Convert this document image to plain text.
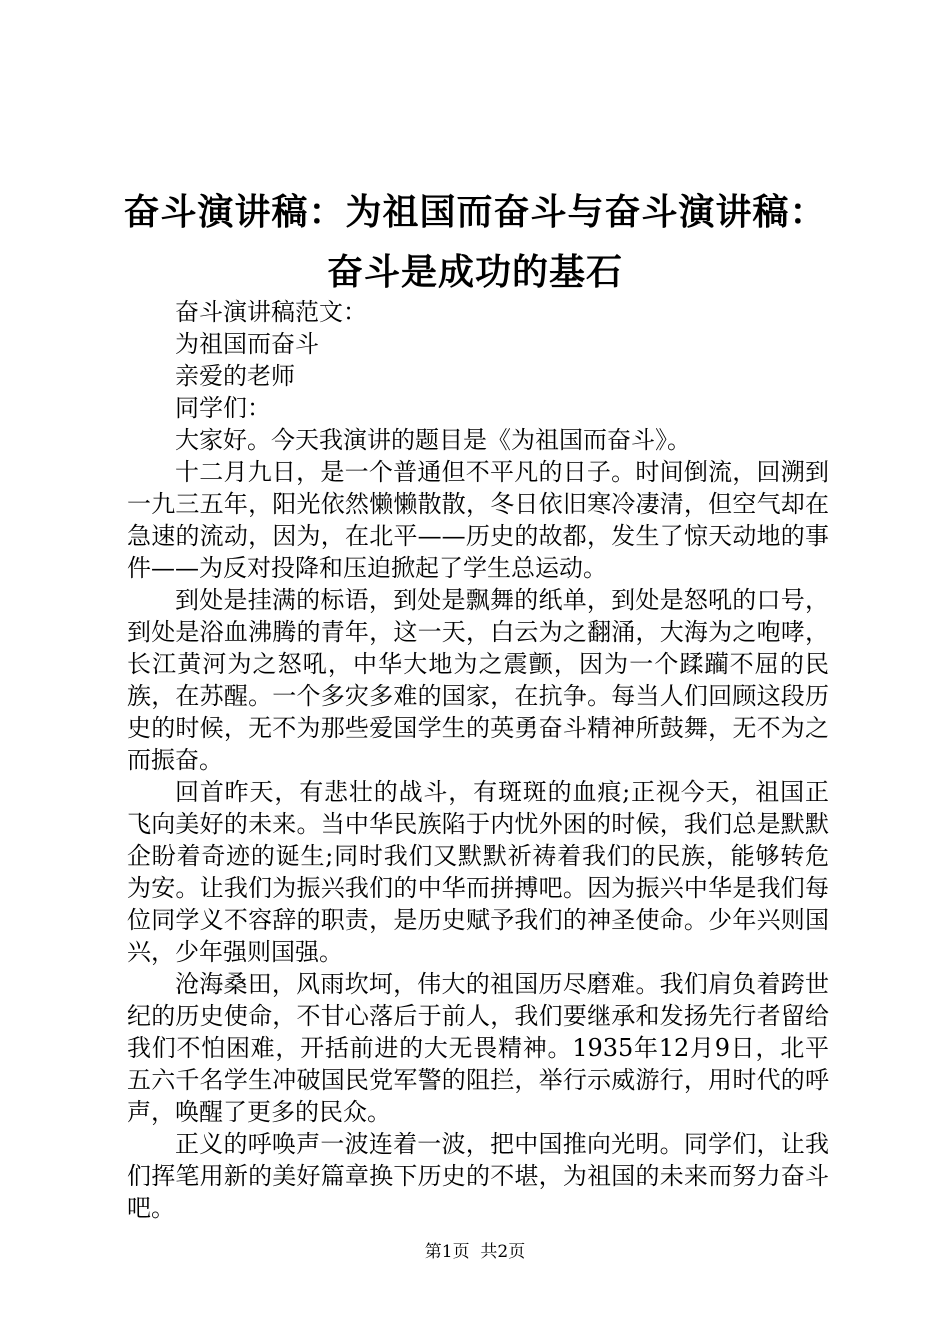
奋斗演讲稿：为祖国而奋斗与奋斗演讲稿：奋斗是成功的基石

奋斗演讲稿范文：

为祖国而奋斗

亲爱的老师

同学们：

大家好。今天我演讲的题目是《为祖国而奋斗》。

十二月九日，是一个普通但不平凡的日子。时间倒流，回溯到一九三五年，阳光依然懒懒散散，冬日依旧寒冷凄清，但空气却在急速的流动，因为，在北平——历史的故都，发生了惊天动地的事件——为反对投降和压迫掀起了学生总运动。

到处是挂满的标语，到处是飘舞的纸单，到处是怒吼的口号，到处是浴血沸腾的青年，这一天，白云为之翻涌，大海为之咆哮，长江黄河为之怒吼，中华大地为之震颤，因为一个蹂躏不屈的民族，在苏醒。一个多灾多难的国家，在抗争。每当人们回顾这段历史的时候，无不为那些爱国学生的英勇奋斗精神所鼓舞，无不为之而振奋。

回首昨天，有悲壮的战斗，有斑斑的血痕;正视今天，祖国正飞向美好的未来。当中华民族陷于内忧外困的时候，我们总是默默企盼着奇迹的诞生;同时我们又默默祈祷着我们的民族，能够转危为安。让我们为振兴我们的中华而拼搏吧。因为振兴中华是我们每位同学义不容辞的职责，是历史赋予我们的神圣使命。少年兴则国兴，少年强则国强。

沧海桑田，风雨坎坷，伟大的祖国历尽磨难。我们肩负着跨世纪的历史使命，不甘心落后于前人，我们要继承和发扬先行者留给我们不怕困难，开括前进的大无畏精神。1935年12月9日，北平五六千名学生冲破国民党军警的阻拦，举行示威游行，用时代的呼声，唤醒了更多的民众。

正义的呼唤声一波连着一波，把中国推向光明。同学们，让我们挥笔用新的美好篇章换下历史的不堪，为祖国的未来而努力奋斗吧。

第1页 共2页
